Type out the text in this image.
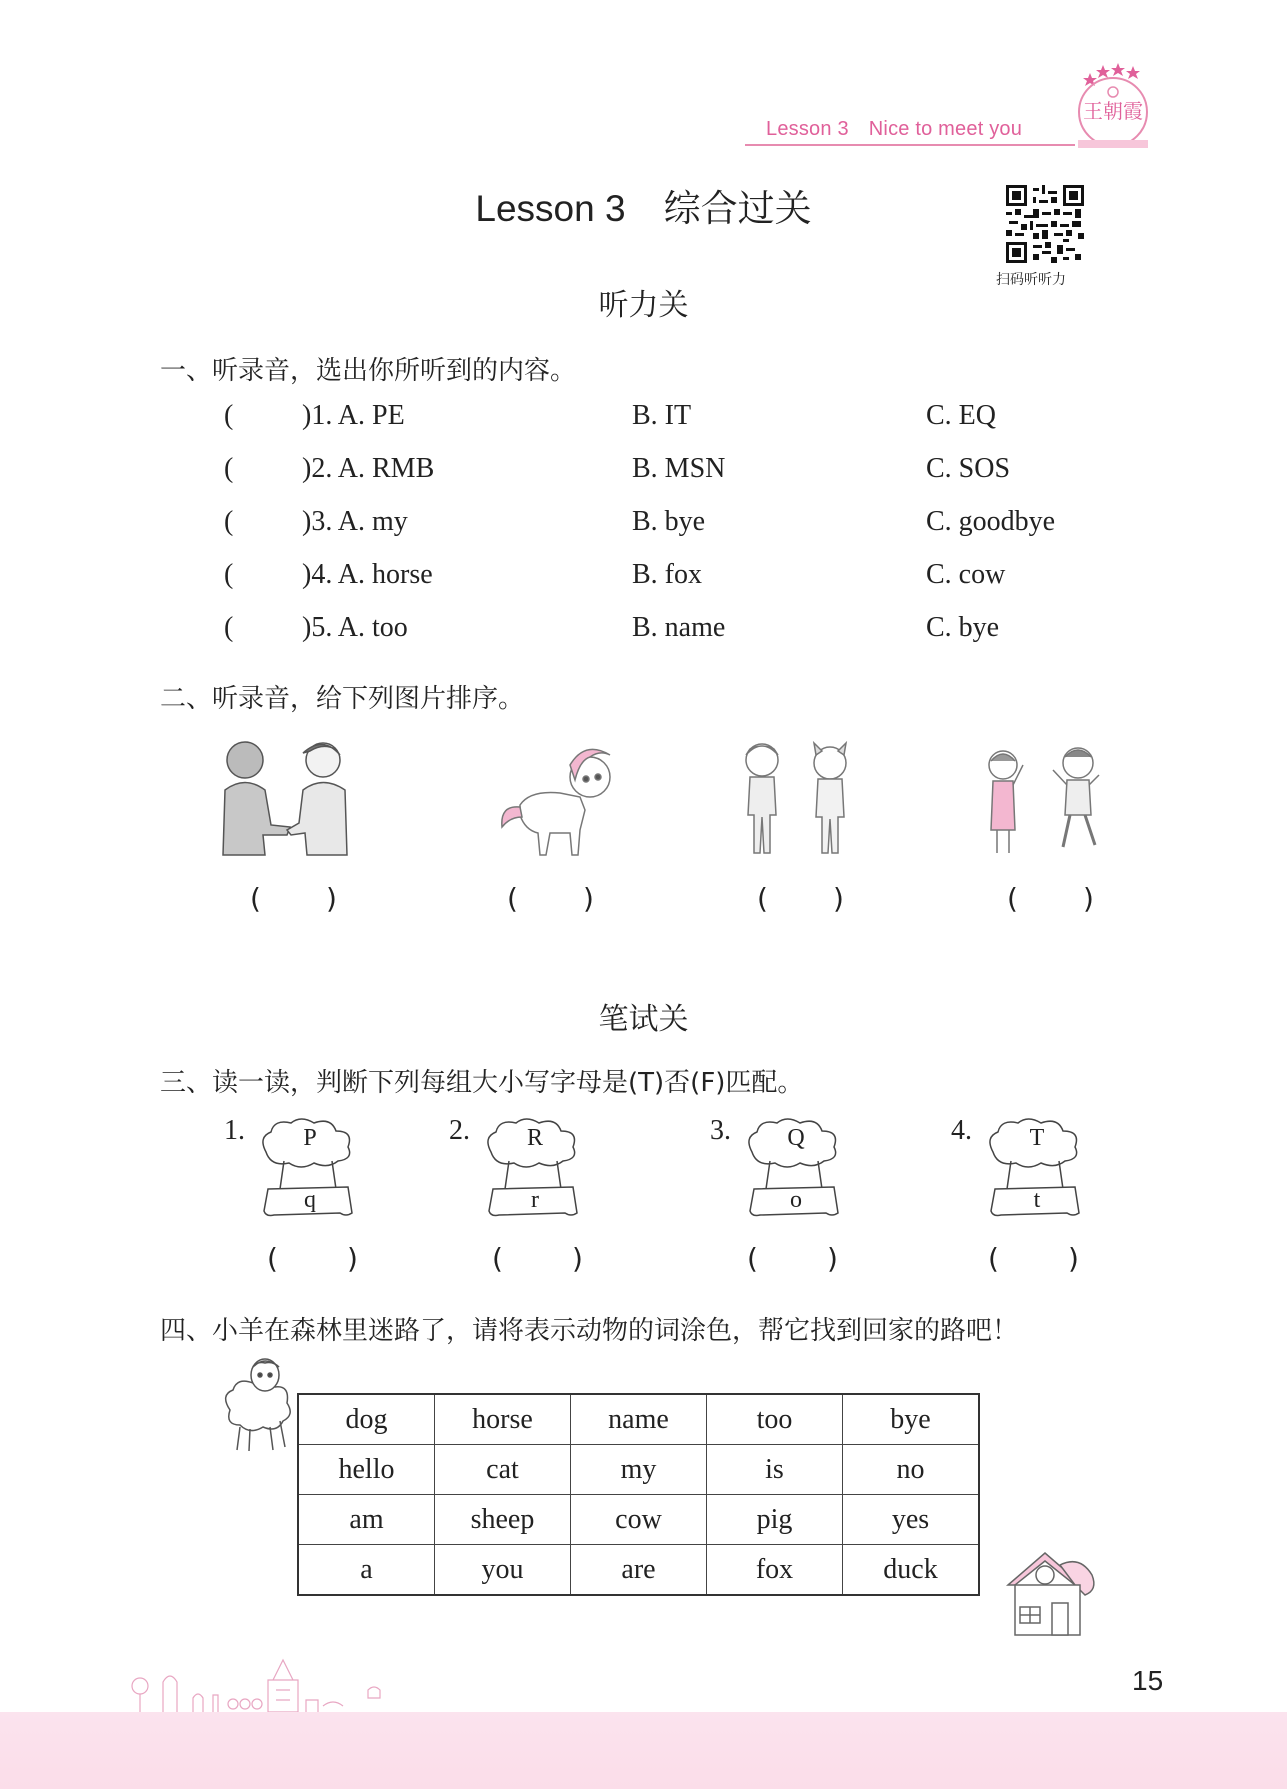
王朝霞
Lesson 3 Nice to meet you
Lesson 3 综合过关
扫码听听力
听力关
一、听录音，选出你所听到的内容。
( )1. A. PE	B. IT	C. EQ
( )2. A. RMB	B. MSN	C. SOS
( )3. A. my	B. bye	C. goodbye
( )4. A. horse	B. fox	C. cow
( )5. A. too	B. name	C. bye
二、听录音，给下列图片排序。
( )	( )	( )	( )
笔试关
三、读一读，判断下列每组大小写字母是(T)否(F)匹配。
1.	P
q
2.	R
r
3.	Q
o
4.	T
t
( )	( )	( )	( )
四、小羊在森林里迷路了，请将表示动物的词涂色，帮它找到回家的路吧！
dog	horse	name	too	bye
hello	cat	my	is	no
am	sheep	cow	pig	yes
a	you	are	fox	duck
15
